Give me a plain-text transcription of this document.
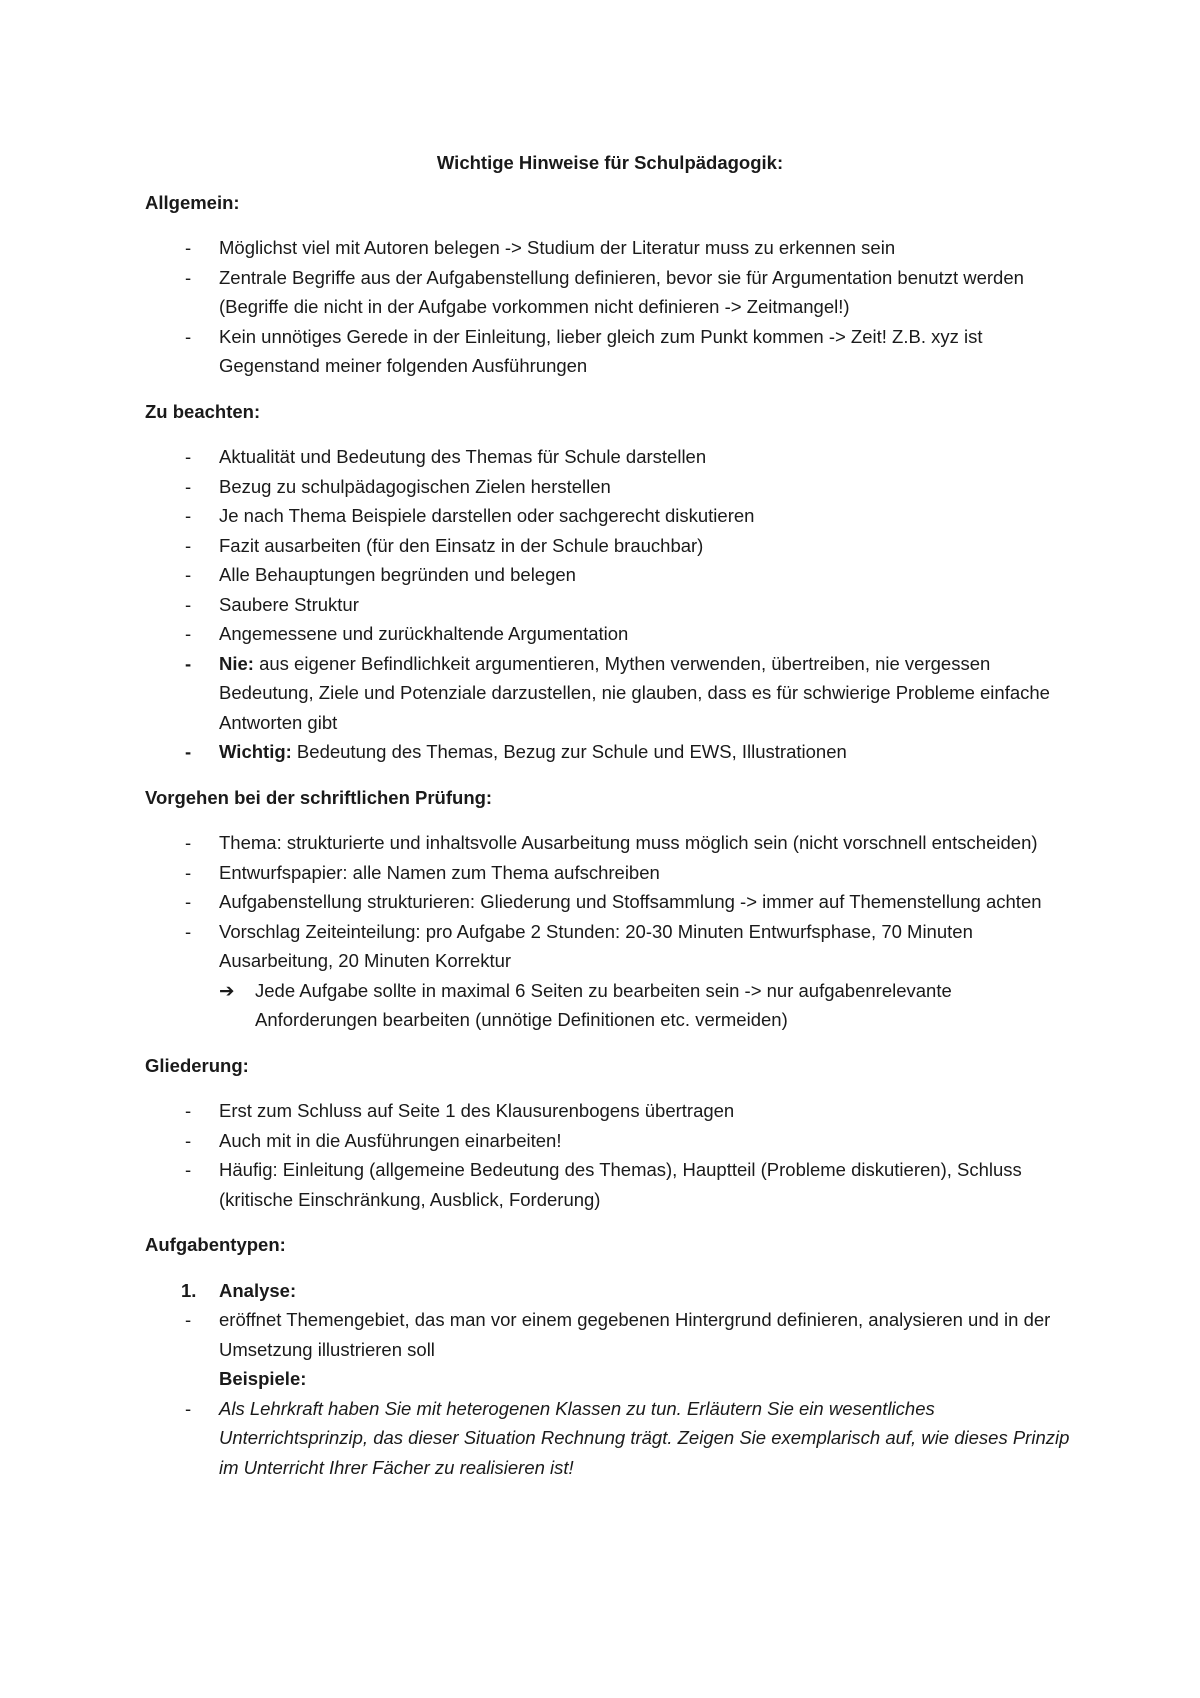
Wichtige Hinweise für Schulpädagogik:
Allgemein:
- Möglichst viel mit Autoren belegen -> Studium der Literatur muss zu erkennen sein
- Zentrale Begriffe aus der Aufgabenstellung definieren, bevor sie für Argumentation benutzt werden (Begriffe die nicht in der Aufgabe vorkommen nicht definieren -> Zeitmangel!)
- Kein unnötiges Gerede in der Einleitung, lieber gleich zum Punkt kommen -> Zeit! Z.B. xyz ist Gegenstand meiner folgenden Ausführungen
Zu beachten:
- Aktualität und Bedeutung des Themas für Schule darstellen
- Bezug zu schulpädagogischen Zielen herstellen
- Je nach Thema Beispiele darstellen oder sachgerecht diskutieren
- Fazit ausarbeiten (für den Einsatz in der Schule brauchbar)
- Alle Behauptungen begründen und belegen
- Saubere Struktur
- Angemessene und zurückhaltende Argumentation
- Nie: aus eigener Befindlichkeit argumentieren, Mythen verwenden, übertreiben, nie vergessen Bedeutung, Ziele und Potenziale darzustellen, nie glauben, dass es für schwierige Probleme einfache Antworten gibt
- Wichtig: Bedeutung des Themas, Bezug zur Schule und EWS, Illustrationen
Vorgehen bei der schriftlichen Prüfung:
- Thema: strukturierte und inhaltsvolle Ausarbeitung muss möglich sein (nicht vorschnell entscheiden)
- Entwurfspapier: alle Namen zum Thema aufschreiben
- Aufgabenstellung strukturieren: Gliederung und Stoffsammlung -> immer auf Themenstellung achten
- Vorschlag Zeiteinteilung: pro Aufgabe 2 Stunden: 20-30 Minuten Entwurfsphase, 70 Minuten Ausarbeitung, 20 Minuten Korrektur
➔ Jede Aufgabe sollte in maximal 6 Seiten zu bearbeiten sein -> nur aufgabenrelevante Anforderungen bearbeiten (unnötige Definitionen etc. vermeiden)
Gliederung:
- Erst zum Schluss auf Seite 1 des Klausurenbogens übertragen
- Auch mit in die Ausführungen einarbeiten!
- Häufig: Einleitung (allgemeine Bedeutung des Themas), Hauptteil (Probleme diskutieren), Schluss (kritische Einschränkung, Ausblick, Forderung)
Aufgabentypen:
1. Analyse:
- eröffnet Themengebiet, das man vor einem gegebenen Hintergrund definieren, analysieren und in der Umsetzung illustrieren soll
Beispiele:
- Als Lehrkraft haben Sie mit heterogenen Klassen zu tun. Erläutern Sie ein wesentliches Unterrichtsprinzip, das dieser Situation Rechnung trägt. Zeigen Sie exemplarisch auf, wie dieses Prinzip im Unterricht Ihrer Fächer zu realisieren ist!
